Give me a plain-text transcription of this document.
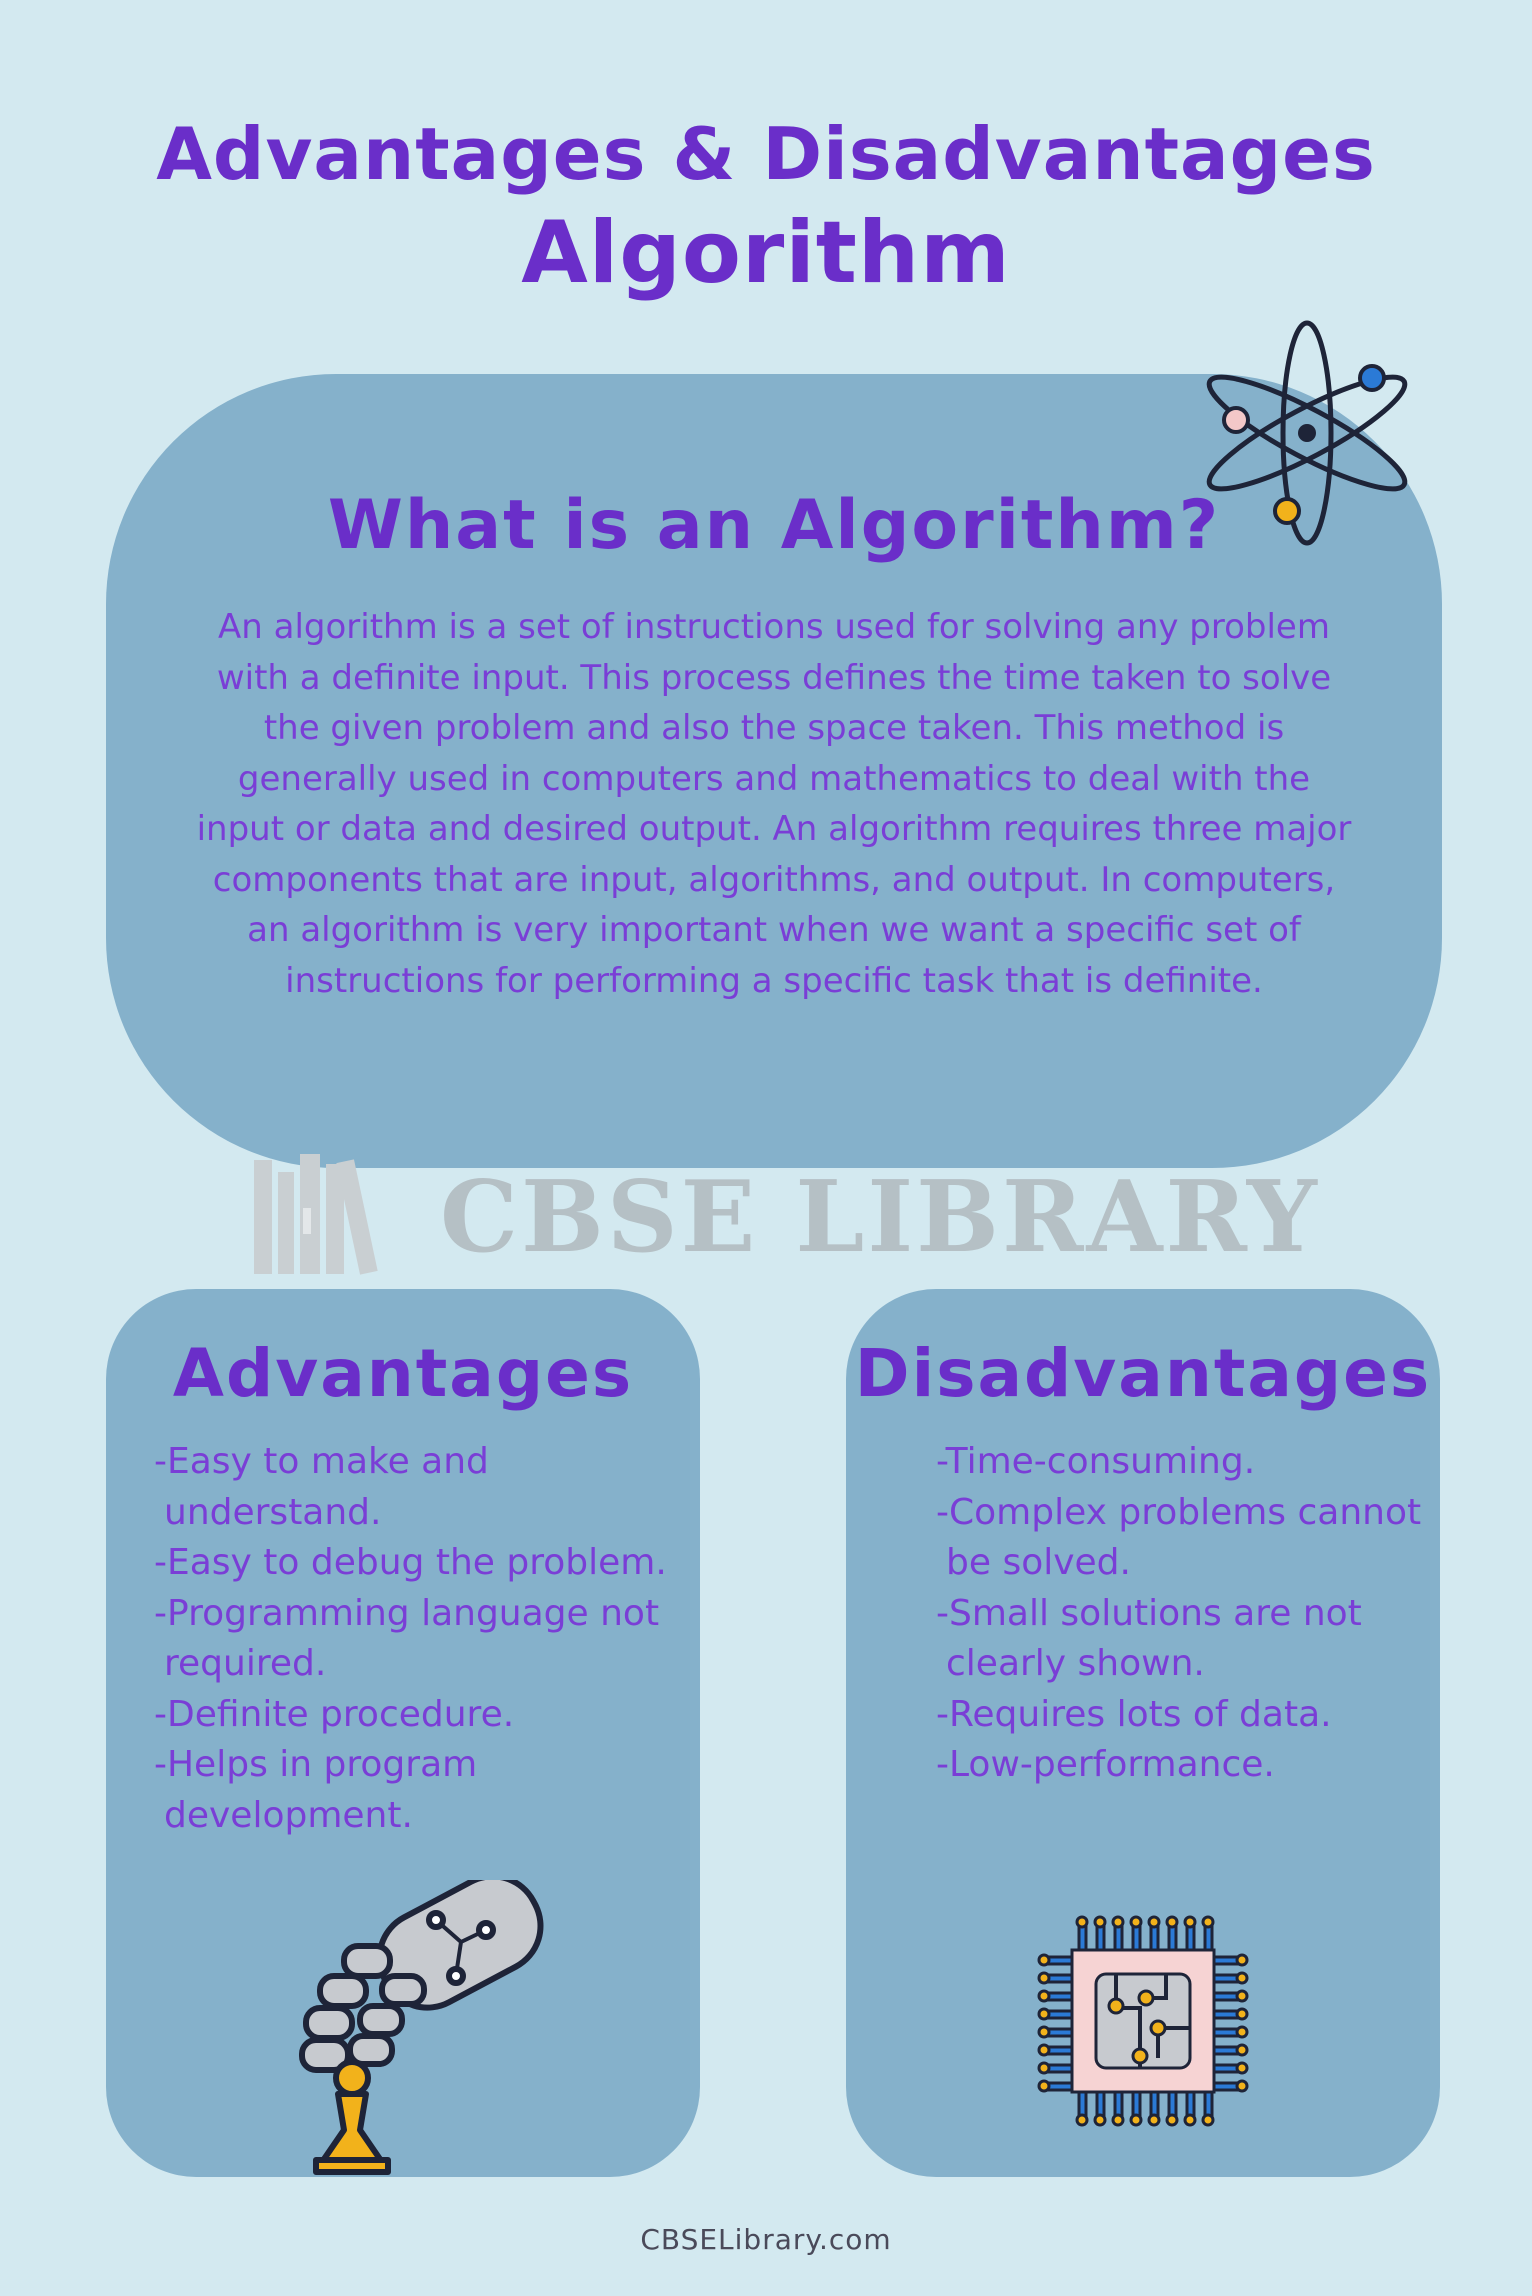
Advantages & Disadvantages
Algorithm
What is an Algorithm?
An algorithm is a set of instructions used for solving any problem with a definite input. This process defines the time taken to solve the given problem and also the space taken. This method is generally used in computers and mathematics to deal with the input or data and desired output. An algorithm requires three major components that are input, algorithms, and output. In computers, an algorithm is very important when we want a specific set of instructions for performing a specific task that is definite.
CBSE LIBRARY
Advantages
-Easy to make and understand.
-Easy to debug the problem.
-Programming language not required.
-Definite procedure.
-Helps in program development.
Disadvantages
-Time-consuming.
-Complex problems cannot be solved.
-Small solutions are not clearly shown.
-Requires lots of data.
-Low-performance.
CBSELibrary.com
